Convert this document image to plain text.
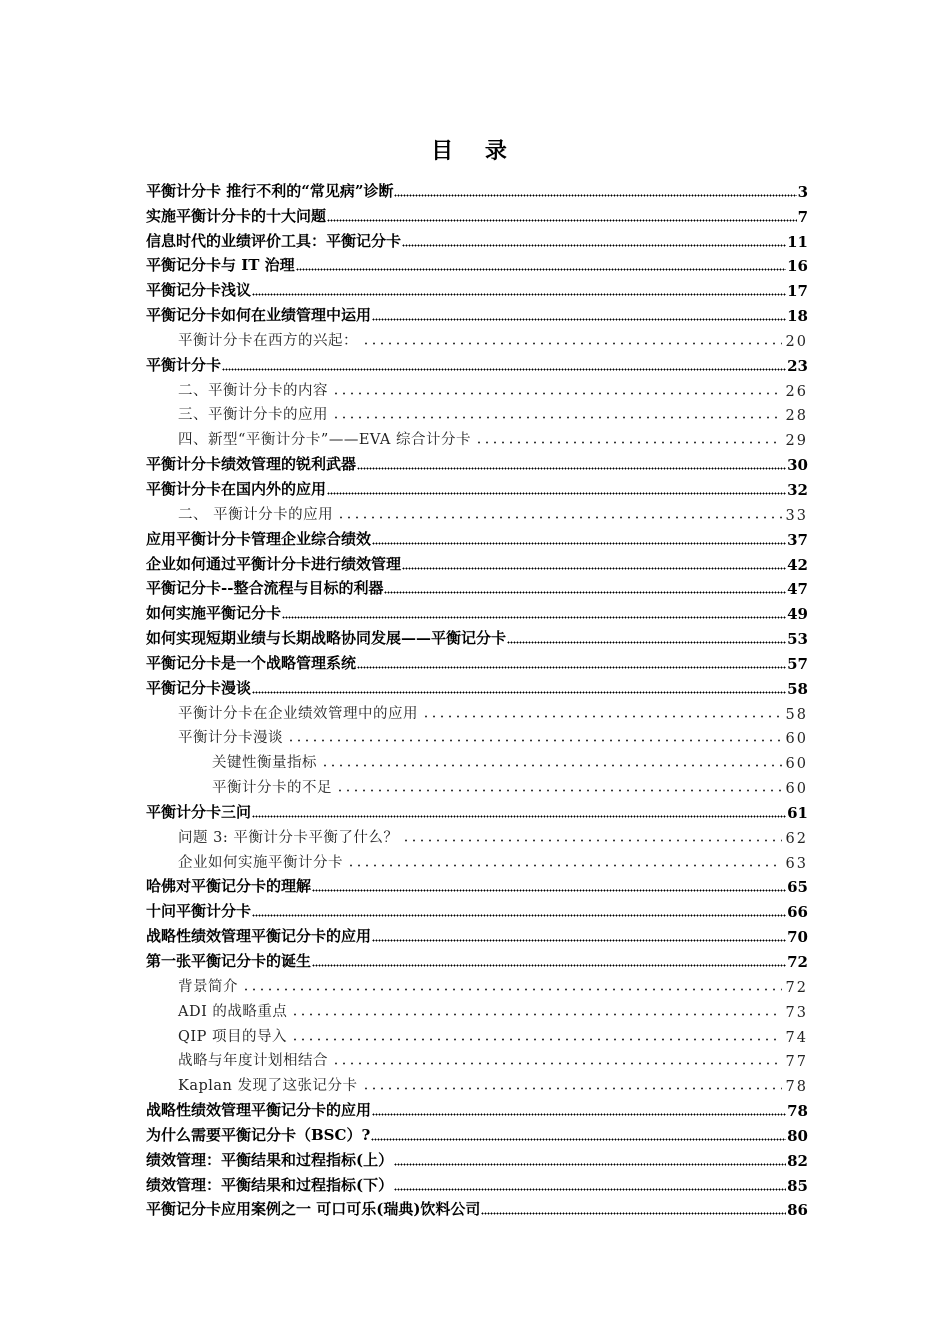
目 录
平衡计分卡 推行不利的“常见病”诊断	3
实施平衡计分卡的十大问题	7
信息时代的业绩评价工具：平衡记分卡	11
平衡记分卡与 IT 治理	16
平衡记分卡浅议	17
平衡记分卡如何在业绩管理中运用	18
平衡计分卡在西方的兴起：	20
平衡计分卡	23
二、平衡计分卡的内容	26
三、平衡计分卡的应用	28
四、新型“平衡计分卡”——EVA 综合计分卡	29
平衡计分卡绩效管理的锐利武器	30
平衡计分卡在国内外的应用	32
二、 平衡计分卡的应用	33
应用平衡计分卡管理企业综合绩效	37
企业如何通过平衡计分卡进行绩效管理	42
平衡记分卡--整合流程与目标的利器	47
如何实施平衡记分卡	49
如何实现短期业绩与长期战略协同发展——平衡记分卡	53
平衡记分卡是一个战略管理系统	57
平衡记分卡漫谈	58
平衡计分卡在企业绩效管理中的应用	58
平衡计分卡漫谈	60
关键性衡量指标	60
平衡计分卡的不足	60
平衡计分卡三问	61
问题 3: 平衡计分卡平衡了什么？	62
企业如何实施平衡计分卡	63
哈佛对平衡记分卡的理解	65
十问平衡计分卡	66
战略性绩效管理平衡记分卡的应用	70
第一张平衡记分卡的诞生	72
背景简介	72
ADI 的战略重点	73
QIP 项目的导入	74
战略与年度计划相结合	77
Kaplan 发现了这张记分卡	78
战略性绩效管理平衡记分卡的应用	78
为什么需要平衡记分卡（BSC）?	80
绩效管理：平衡结果和过程指标(上）	82
绩效管理：平衡结果和过程指标(下）	85
平衡记分卡应用案例之一 可口可乐(瑞典)饮料公司	86
